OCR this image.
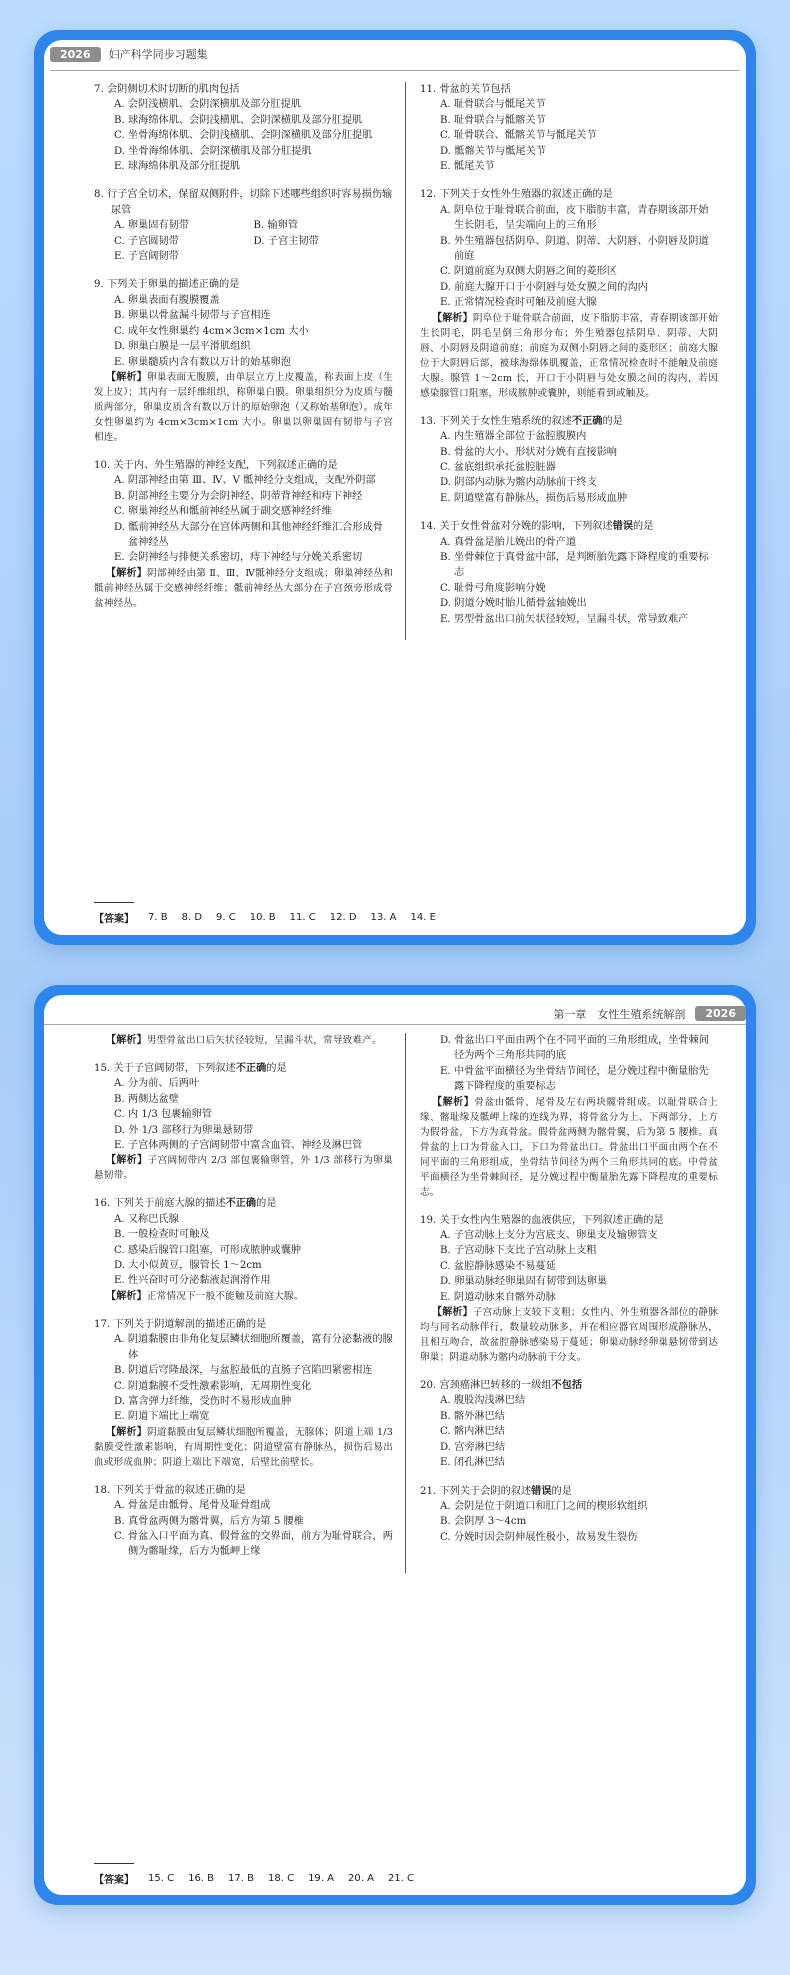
2026	妇产科学同步习题集
7. 会阴侧切术时切断的肌肉包括
A. 会阴浅横肌、会阴深横肌及部分肛提肌
B. 球海绵体肌、会阴浅横肌、会阴深横肌及部分肛提肌
C. 坐骨海绵体肌、会阴浅横肌、会阴深横肌及部分肛提肌
D. 坐骨海绵体肌、会阴深横肌及部分肛提肌
E. 球海绵体肌及部分肛提肌
8. 行子宫全切术，保留双侧附件，切除下述哪些组织时容易损伤输尿管
A. 卵巢固有韧带	B. 输卵管
C. 子宫圆韧带	D. 子宫主韧带
E. 子宫阔韧带
9. 下列关于卵巢的描述正确的是
A. 卵巢表面有腹膜覆盖
B. 卵巢以骨盆漏斗韧带与子宫相连
C. 成年女性卵巢约 4cm×3cm×1cm 大小
D. 卵巢白膜是一层平滑肌组织
E. 卵巢髓质内含有数以万计的始基卵泡
【解析】卵巢表面无腹膜，由单层立方上皮覆盖，称表面上皮（生发上皮）；其内有一层纤维组织，称卵巢白膜。卵巢组织分为皮质与髓质两部分，卵巢皮质含有数以万计的原始卵泡（又称始基卵泡）。成年女性卵巢约为 4cm×3cm×1cm 大小。卵巢以卵巢固有韧带与子宫相连。
10. 关于内、外生殖器的神经支配，下列叙述正确的是
A. 阴部神经由第 Ⅲ、Ⅳ、Ⅴ 骶神经分支组成，支配外阴部
B. 阴部神经主要分为会阴神经、阴蒂背神经和痔下神经
C. 卵巢神经丛和骶前神经丛属于副交感神经纤维
D. 骶前神经丛大部分在宫体两侧和其他神经纤维汇合形成骨盆神经丛
E. 会阴神经与排便关系密切，痔下神经与分娩关系密切
【解析】阴部神经由第 Ⅱ、Ⅲ、Ⅳ骶神经分支组成；卵巢神经丛和骶前神经丛属于交感神经纤维；骶前神经丛大部分在子宫颈旁形成骨盆神经丛。
11. 骨盆的关节包括
A. 耻骨联合与骶尾关节
B. 耻骨联合与骶髂关节
C. 耻骨联合、骶髂关节与骶尾关节
D. 骶髂关节与骶尾关节
E. 骶尾关节
12. 下列关于女性外生殖器的叙述正确的是
A. 阴阜位于耻骨联合前面，皮下脂肪丰富，青春期该部开始生长阴毛，呈尖端向上的三角形
B. 外生殖器包括阴阜、阴道、阴蒂、大阴唇、小阴唇及阴道前庭
C. 阴道前庭为双侧大阴唇之间的菱形区
D. 前庭大腺开口于小阴唇与处女膜之间的沟内
E. 正常情况检查时可触及前庭大腺
【解析】阴阜位于耻骨联合前面，皮下脂肪丰富，青春期该部开始生长阴毛，阴毛呈倒三角形分布；外生殖器包括阴阜、阴蒂、大阴唇、小阴唇及阴道前庭；前庭为双侧小阴唇之间的菱形区；前庭大腺位于大阴唇后部，被球海绵体肌覆盖，正常情况检查时不能触及前庭大腺。腺管 1～2cm 长，开口于小阴唇与处女膜之间的沟内，若因感染腺管口阻塞，形成脓肿或囊肿，则能看到或触及。
13. 下列关于女性生殖系统的叙述不正确的是
A. 内生殖器全部位于盆腔腹膜内
B. 骨盆的大小、形状对分娩有直接影响
C. 盆底组织承托盆腔脏器
D. 阴部内动脉为髂内动脉前干终支
E. 阴道壁富有静脉丛，损伤后易形成血肿
14. 关于女性骨盆对分娩的影响，下列叙述错误的是
A. 真骨盆是胎儿娩出的骨产道
B. 坐骨棘位于真骨盆中部，是判断胎先露下降程度的重要标志
C. 耻骨弓角度影响分娩
D. 阴道分娩时胎儿循骨盆轴娩出
E. 男型骨盆出口前矢状径较短，呈漏斗状，常导致难产
【答案】 7. B 8. D 9. C 10. B 11. C 12. D 13. A 14. E
第一章　女性生殖系统解剖	2026
【解析】男型骨盆出口后矢状径较短，呈漏斗状，常导致难产。
15. 关于子宫阔韧带，下列叙述不正确的是
A. 分为前、后两叶
B. 两侧达盆壁
C. 内 1/3 包裹输卵管
D. 外 1/3 部移行为卵巢悬韧带
E. 子宫体两侧的子宫阔韧带中富含血管、神经及淋巴管
【解析】子宫阔韧带内 2/3 部包裹输卵管，外 1/3 部移行为卵巢悬韧带。
16. 下列关于前庭大腺的描述不正确的是
A. 又称巴氏腺
B. 一般检查时可触及
C. 感染后腺管口阻塞，可形成脓肿或囊肿
D. 大小似黄豆，腺管长 1～2cm
E. 性兴奋时可分泌黏液起润滑作用
【解析】正常情况下一般不能触及前庭大腺。
17. 下列关于阴道解剖的描述正确的是
A. 阴道黏膜由非角化复层鳞状细胞所覆盖，富有分泌黏液的腺体
B. 阴道后穹隆最深，与盆腔最低的直肠子宫陷凹紧密相连
C. 阴道黏膜不受性激素影响，无周期性变化
D. 富含弹力纤维，受伤时不易形成血肿
E. 阴道下端比上端宽
【解析】阴道黏膜由复层鳞状细胞所覆盖，无腺体；阴道上端 1/3 黏膜受性激素影响，有周期性变化；阴道壁富有静脉丛，损伤后易出血或形成血肿；阴道上端比下端宽，后壁比前壁长。
18. 下列关于骨盆的叙述正确的是
A. 骨盆是由骶骨、尾骨及耻骨组成
B. 真骨盆两侧为髂骨翼，后方为第 5 腰椎
C. 骨盆入口平面为真、假骨盆的交界面，前方为耻骨联合，两侧为髂耻缘，后方为骶岬上缘
D. 骨盆出口平面由两个在不同平面的三角形组成，坐骨棘间径为两个三角形共同的底
E. 中骨盆平面横径为坐骨结节间径，是分娩过程中衡量胎先露下降程度的重要标志
【解析】骨盆由骶骨、尾骨及左右两块髋骨组成。以耻骨联合上缘、髂耻缘及骶岬上缘的连线为界，将骨盆分为上、下两部分，上方为假骨盆，下方为真骨盆。假骨盆两侧为髂骨翼，后为第 5 腰椎。真骨盆的上口为骨盆入口，下口为骨盆出口。骨盆出口平面由两个在不同平面的三角形组成，坐骨结节间径为两个三角形共同的底。中骨盆平面横径为坐骨棘间径，是分娩过程中衡量胎先露下降程度的重要标志。
19. 关于女性内生殖器的血液供应，下列叙述正确的是
A. 子宫动脉上支分为宫底支、卵巢支及输卵管支
B. 子宫动脉下支比子宫动脉上支粗
C. 盆腔静脉感染不易蔓延
D. 卵巢动脉经卵巢固有韧带到达卵巢
E. 阴道动脉来自髂外动脉
【解析】子宫动脉上支较下支粗；女性内、外生殖器各部位的静脉均与同名动脉伴行，数量较动脉多，并在相应器官周围形成静脉丛，且相互吻合，故盆腔静脉感染易于蔓延；卵巢动脉经卵巢悬韧带到达卵巢；阴道动脉为髂内动脉前干分支。
20. 宫颈癌淋巴转移的一级组不包括
A. 腹股沟浅淋巴结
B. 髂外淋巴结
C. 髂内淋巴结
D. 宫旁淋巴结
E. 闭孔淋巴结
21. 下列关于会阴的叙述错误的是
A. 会阴是位于阴道口和肛门之间的楔形软组织
B. 会阴厚 3～4cm
C. 分娩时因会阴伸展性极小，故易发生裂伤
【答案】 15. C 16. B 17. B 18. C 19. A 20. A 21. C
